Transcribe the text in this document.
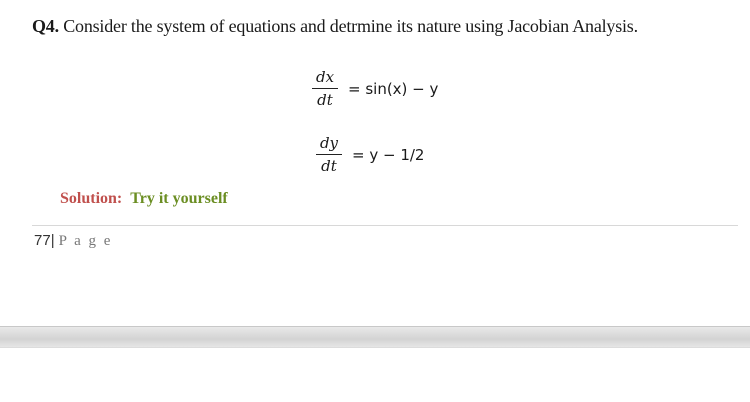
Q4. Consider the system of equations and detrmine its nature using Jacobian Analysis.
$\frac{dx}{dt} = \sin(x) - y$
$\frac{dy}{dt} = y - 1/2$
Solution: Try it yourself
77| P a g e
